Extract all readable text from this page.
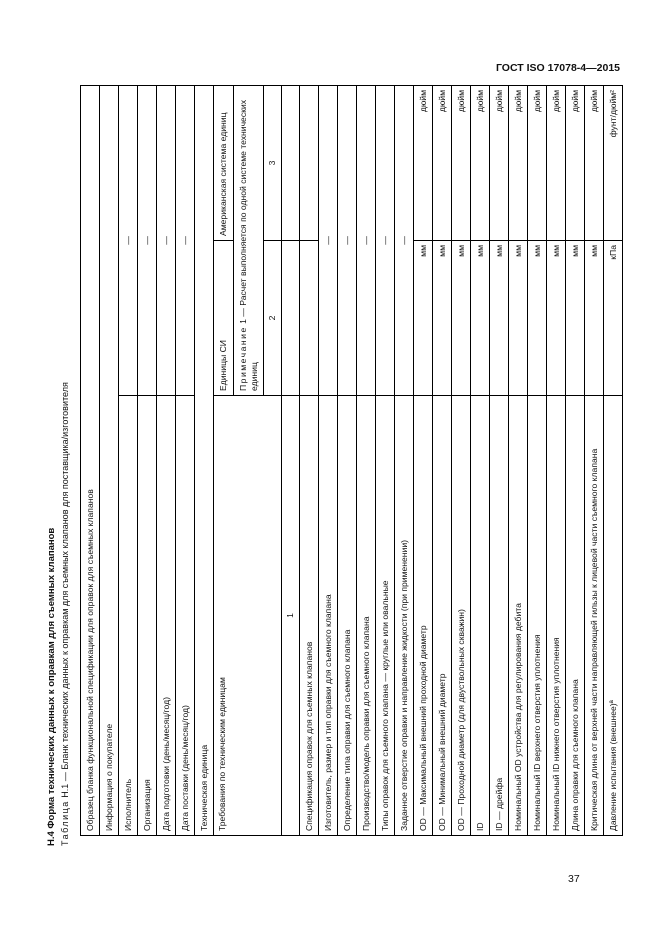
ГОСТ ISO 17078-4—2015
Н.4 Форма технических данных к оправкам для съемных клапанов Таблица Н.1 — Бланк технических данных к оправкам для съемных клапанов для поставщика/изготовителя Образец бланка функциональной спецификации для оправок для съемных клапанов		
Информация о покупателе		
Исполнитель	—	
Организация	—	
Дата подготовки (день/месяц/год)	—	
Дата поставки (день/месяц/год)	—	
Техническая единица		
Требования по техническим единицам	Единицы СИ	Американская система единиц
	Примечание 1 — Расчет выполняется по одной системе технических единиц	
	2	3
1		
Спецификация оправок для съемных клапанов		
Изготовитель, размер и тип оправки для съемного клапана	—	
Определение типа оправки для съемного клапана	—	
Производство/модель оправки для съемного клапана	—	
Типы оправок для съемного клапана — круглые или овальные	—	
Заданное отверстие оправки и направление жидкости (при применении)	—	
OD — Максимальный внешний проходной диаметр	мм	дюйм
OD — Минимальный внешний диаметр	мм	дюйм
OD — Проходной диаметр (для двуствольных скважин)	мм	дюйм
ID	мм	дюйм
ID — дрейфа	мм	дюйм
Номинальный OD устройства для регулирования дебита	мм	дюйм
Номинальный ID верхнего отверстия уплотнения	мм	дюйм
Номинальный ID нижнего отверстия уплотнения	мм	дюйм
Длина оправки для съемного клапана	мм	дюйм
Критическая длина от верхней части направляющей гильзы к лицевой части съемного клапана	мм	дюйм
Давление испытания (внешнее)ª	кПа	фунт/дюйм²
37
